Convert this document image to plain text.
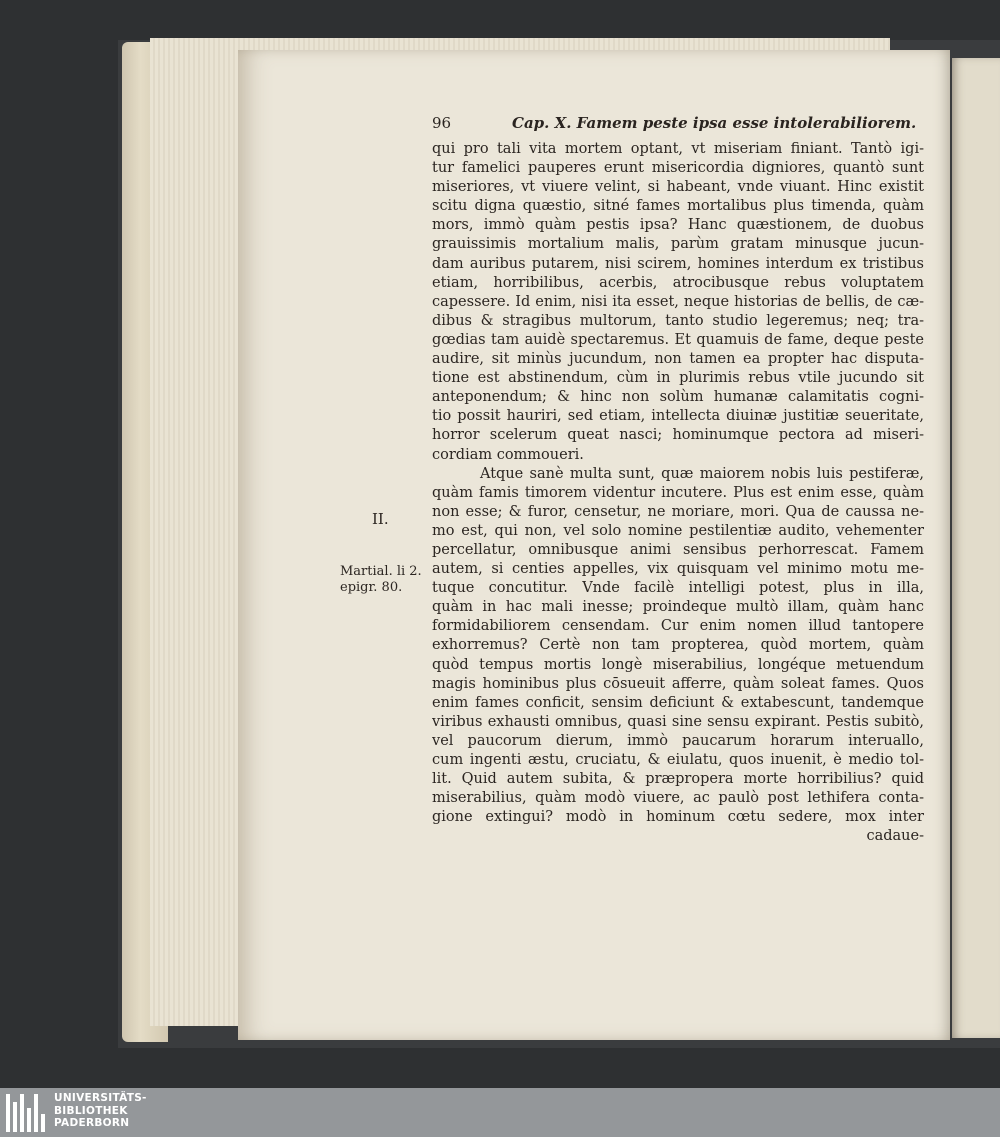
96	Cap. X. Famem peste ipsa esse intolerabiliorem.
II.
Martial. li 2.
epigr. 80.
qui pro tali vita mortem optant, vt miseriam finiant. Tantò igi-
tur famelici pauperes erunt misericordia digniores, quantò sunt
miseriores, vt viuere velint, si habeant, vnde viuant. Hinc existit
scitu digna quæstio, sitné fames mortalibus plus timenda, quàm
mors, immò quàm pestis ipsa? Hanc quæstionem, de duobus
grauissimis mortalium malis, parùm gratam minusque jucun-
dam auribus putarem, nisi scirem, homines interdum ex tristibus
etiam, horribilibus, acerbis, atrocibusque rebus voluptatem
capessere. Id enim, nisi ita esset, neque historias de bellis, de cæ-
dibus & stragibus multorum, tanto studio legeremus; neq; tra-
gœdias tam auidè spectaremus. Et quamuis de fame, deque peste
audire, sit minùs jucundum, non tamen ea propter hac disputa-
tione est abstinendum, cùm in plurimis rebus vtile jucundo sit
anteponendum; & hinc non solùm humanæ calamitatis cogni-
tio possit hauriri, sed etiam, intellecta diuinæ justitiæ seueritate,
horror scelerum queat nasci; hominumque pectora ad miseri-
cordiam commoueri.
Atque sanè multa sunt, quæ maiorem nobis luis pestiferæ,
quàm famis timorem videntur incutere. Plus est enim esse, quàm
non esse; & furor, censetur, ne moriare, mori. Qua de caussa ne-
mo est, qui non, vel solo nomine pestilentiæ audito, vehementer
percellatur, omnibusque animi sensibus perhorrescat. Famem
autem, si centies appelles, vix quisquam vel minimo motu me-
tuque concutitur. Vnde facilè intelligi potest, plus in illa,
quàm in hac mali inesse; proindeque multò illam, quàm hanc
formidabiliorem censendam. Cur enim nomen illud tantopere
exhorremus? Certè non tam propterea, quòd mortem, quàm
quòd tempus mortis longè miserabilius, longéque metuendum
magis hominibus plus cōsueuit afferre, quàm soleat fames. Quos
enim fames conficit, sensim deficiunt & extabescunt, tandemque
viribus exhausti omnibus, quasi sine sensu expirant. Pestis subitò,
vel paucorum dierum, immò paucarum horarum interuallo,
cum ingenti æstu, cruciatu, & eiulatu, quos inuenit, è medio tol-
lit. Quid autem subita, & præpropera morte horribilius? quid
miserabilius, quàm modò viuere, ac paulò post lethifera conta-
gione extingui? modò in hominum cœtu sedere, mox inter
cadaue-
UNIVERSITÄTS-
BIBLIOTHEK
PADERBORN
